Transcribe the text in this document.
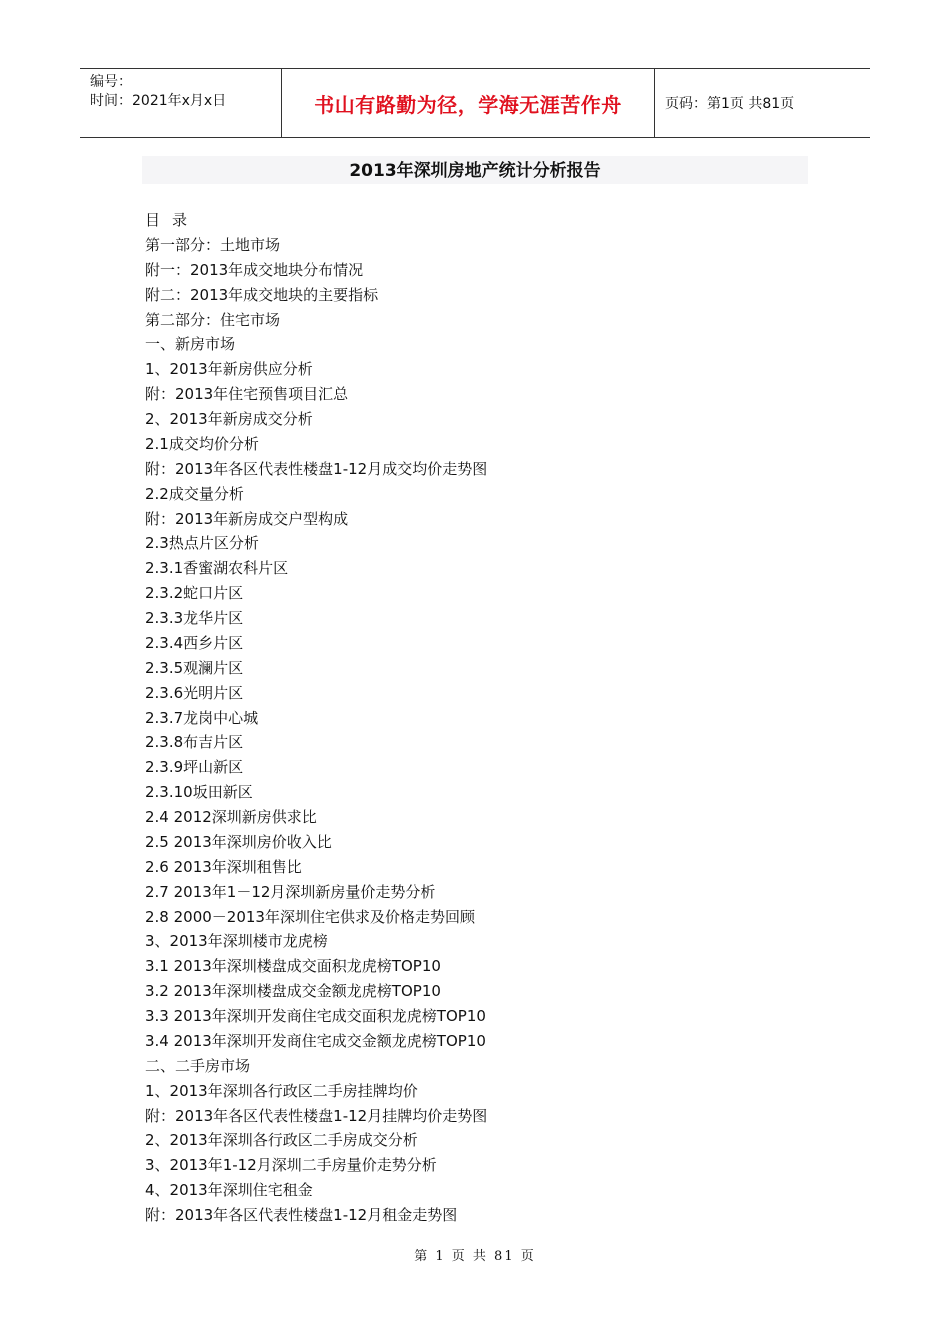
编号：
时间：2021年x月x日	书山有路勤为径，学海无涯苦作舟	页码：第1页 共81页
2013年深圳房地产统计分析报告
目录
第一部分：土地市场
附一：2013年成交地块分布情况
附二：2013年成交地块的主要指标
第二部分：住宅市场
一、新房市场
1、2013年新房供应分析
附：2013年住宅预售项目汇总
2、2013年新房成交分析
2.1成交均价分析
附：2013年各区代表性楼盘1-12月成交均价走势图
2.2成交量分析
附：2013年新房成交户型构成
2.3热点片区分析
2.3.1香蜜湖农科片区
2.3.2蛇口片区
2.3.3龙华片区
2.3.4西乡片区
2.3.5观澜片区
2.3.6光明片区
2.3.7龙岗中心城
2.3.8布吉片区
2.3.9坪山新区
2.3.10坂田新区
2.4 2012深圳新房供求比
2.5 2013年深圳房价收入比
2.6 2013年深圳租售比
2.7 2013年1－12月深圳新房量价走势分析
2.8 2000－2013年深圳住宅供求及价格走势回顾
3、2013年深圳楼市龙虎榜
3.1 2013年深圳楼盘成交面积龙虎榜TOP10
3.2 2013年深圳楼盘成交金额龙虎榜TOP10
3.3 2013年深圳开发商住宅成交面积龙虎榜TOP10
3.4 2013年深圳开发商住宅成交金额龙虎榜TOP10
二、二手房市场
1、2013年深圳各行政区二手房挂牌均价
附：2013年各区代表性楼盘1-12月挂牌均价走势图
2、2013年深圳各行政区二手房成交分析
3、2013年1-12月深圳二手房量价走势分析
4、2013年深圳住宅租金
附：2013年各区代表性楼盘1-12月租金走势图
第 1 页 共 81 页
